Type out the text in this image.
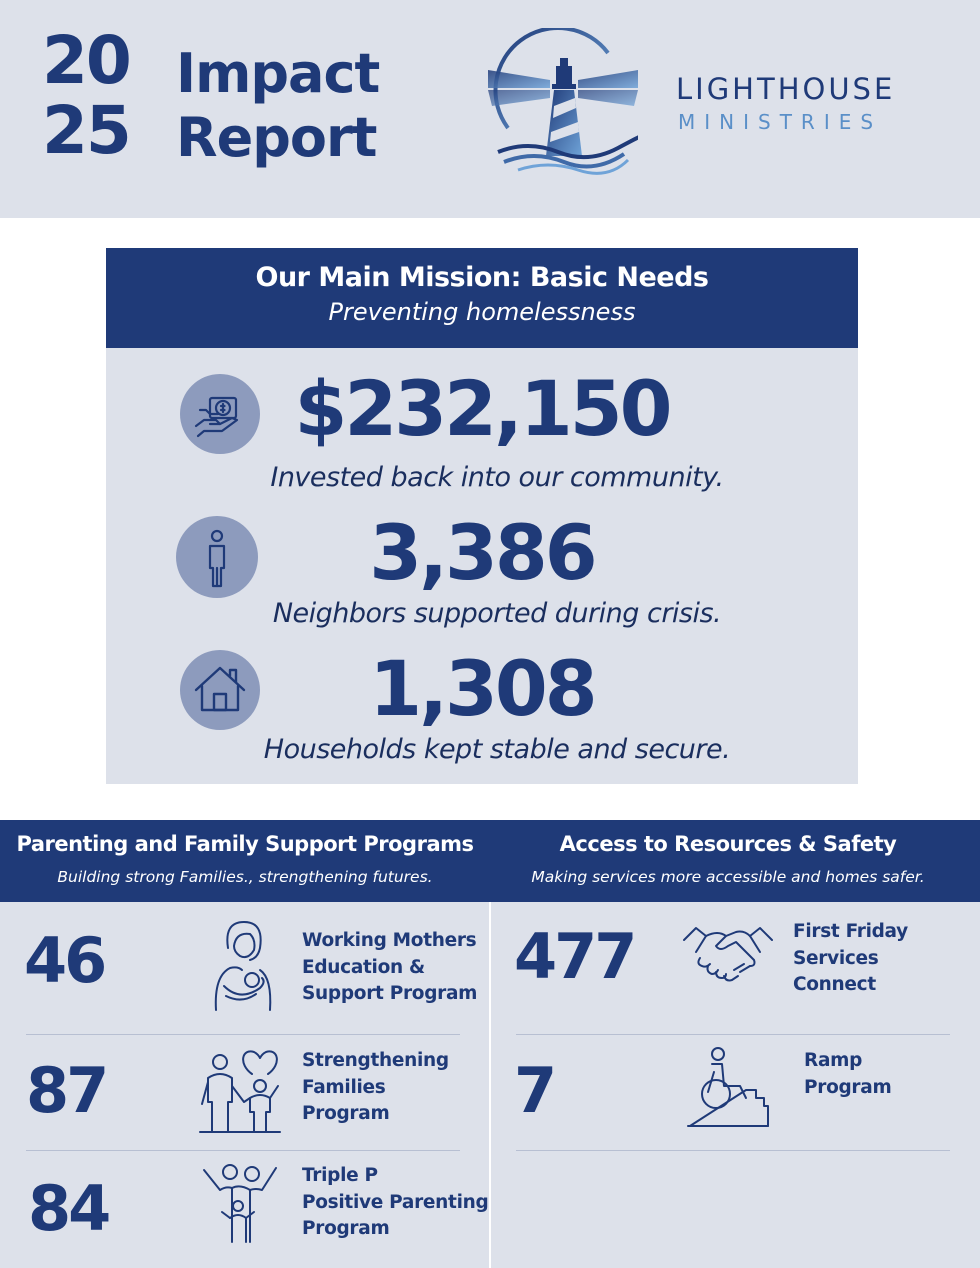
20
25
Impact
Report
LIGHTHOUSE
MINISTRIES
Our Main Mission: Basic Needs
Preventing homelessness
$232,150
Invested back into our community.
3,386
Neighbors supported during crisis.
1,308
Households kept stable and secure.
Parenting and Family Support Programs
Building strong Families., strengthening futures.
Access to Resources & Safety
Making services more accessible and homes safer.
46	Working Mothers
Education &
Support Program
87	Strengthening
Families
Program
84	Triple P
Positive Parenting
Program
477	First Friday
Services
Connect
7	Ramp
Program
